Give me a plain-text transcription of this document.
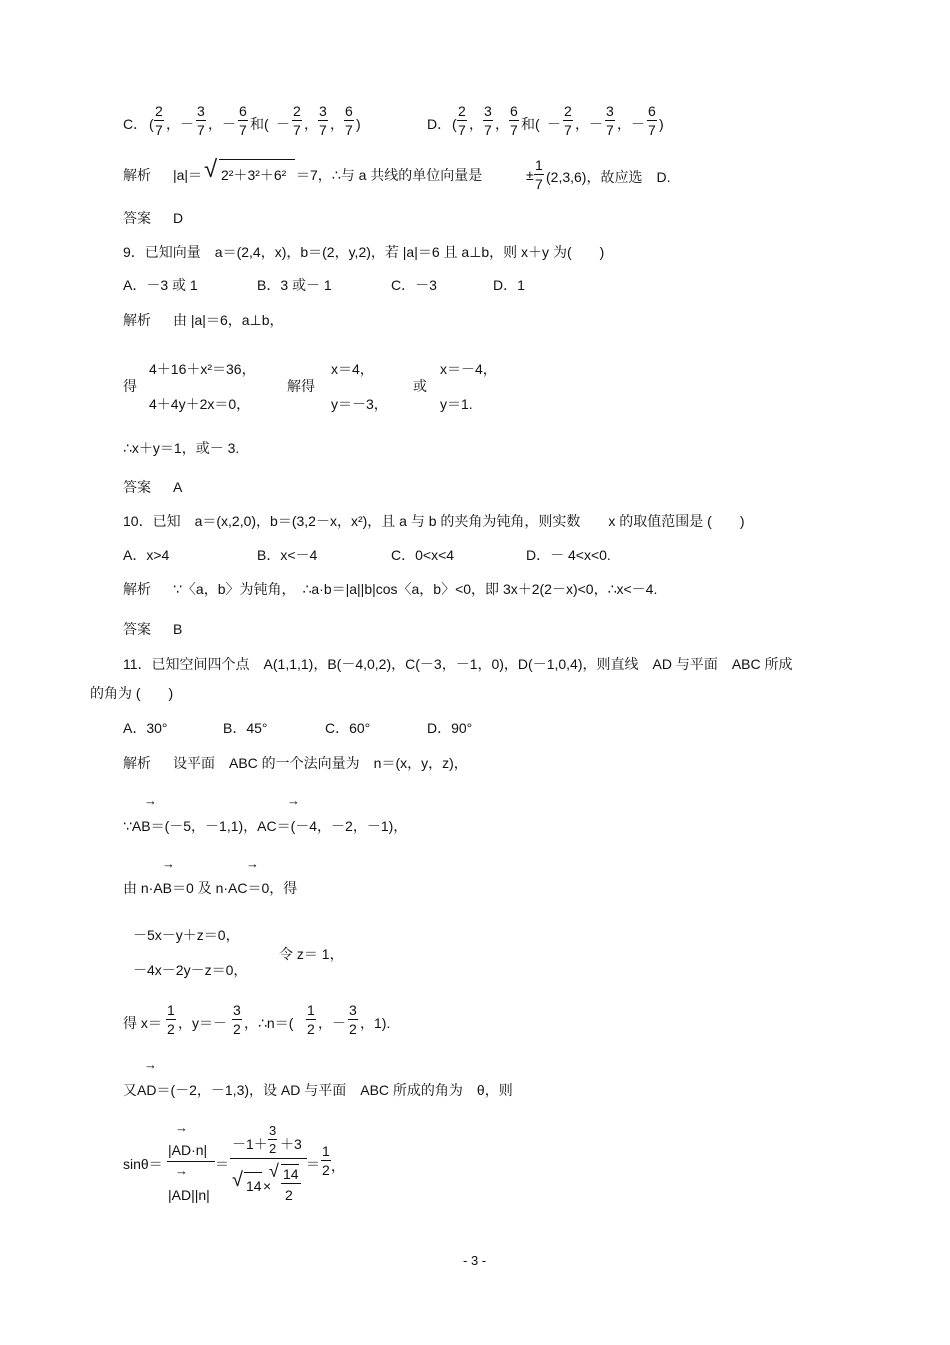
C． (
2
7 ，－
3
7 ，－
6
7 和( －
2
7 ，
3
7 ，
6
7 )	D． (
2
7 ，
3
7 ，
6
7 和( －
2
7 ，－
3
7 ，－
6
7 )
解析 |a|＝ √ 2²＋3²＋6² ＝7，∴与 a 共线的单位向量是	±
1
7 (2,3,6)，故应选　D.
答案 D
9．已知向量　a＝(2,4，x)，b＝(2，y,2)，若 |a|＝6 且 a⊥b，则 x＋y 为(　　)
A．－3 或 1	B．3 或－ 1	C．－3	D．1
解析 由 |a|＝6，a⊥b，
得
4＋16＋x²＝36，
4＋4y＋2x＝0，
解得
x＝4，
y＝－3，
或
x＝－4，
y＝1.
∴x＋y＝1，或－ 3.
答案 A
10．已知　a＝(x,2,0)，b＝(3,2－x，x²)，且 a 与 b 的夹角为钝角，则实数　　x 的取值范围是 (　　)
A．x>4	B．x<－4	C．0<x<4	D．－ 4<x<0.
解析 ∵〈a，b〉为钝角，　∴a·b＝|a||b|cos〈a，b〉<0，即 3x＋2(2－x)<0，∴x<－4.
答案 B
11．已知空间四个点　A(1,1,1)，B(－4,0,2)，C(－3，－1，0)，D(－1,0,4)，则直线　AD 与平面　ABC 所成
的角为 (　　)
A．30°	B．45°	C．60°	D．90°
解析 设平面　ABC 的一个法向量为　n＝(x，y，z)，
→	→
∵AB＝(－5，－1,1)，AC＝(－4，－2，－1)，
→	→
由 n·AB＝0 及 n·AC＝0，得
－5x－y＋z＝0，
－4x－2y－z＝0，
令 z＝ 1，
得 x＝
1
2 ，y＝－
3
2 ，∴n＝(
1
2 ，－
3
2 ，1).
→
又AD＝(－2，－1,3)，设 AD 与平面　ABC 所成的角为　θ，则
sinθ＝
→
|AD·n|
→
|AD||n|
＝
－1＋
3
2 ＋3
√ 14 ×
√ 14
2
＝
1
2 ，
- 3 -
